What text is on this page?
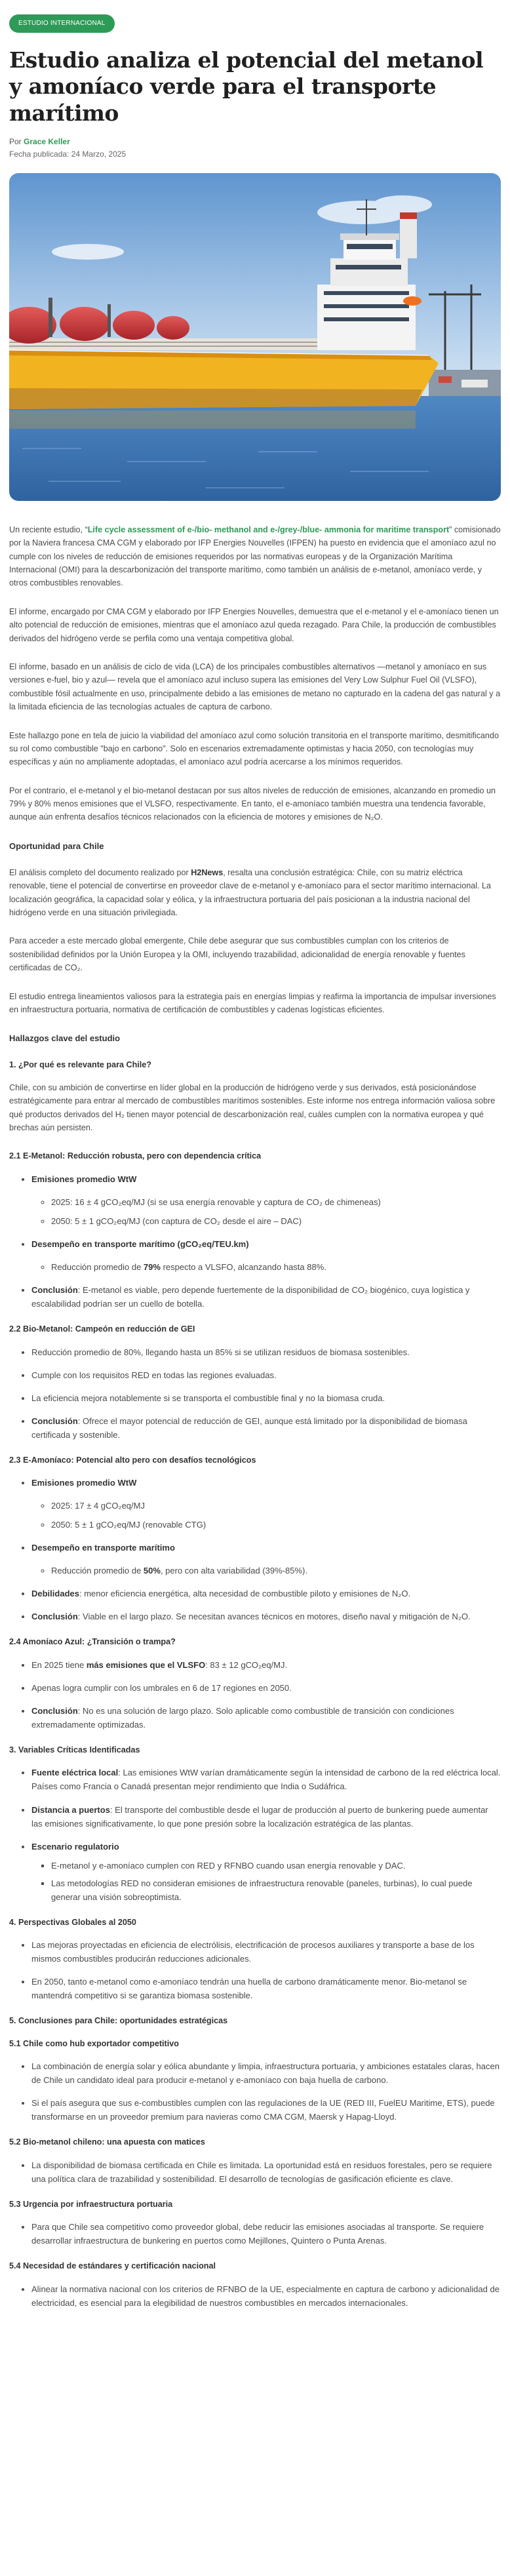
ESTUDIO INTERNACIONAL
Estudio analiza el potencial del metanol y amoníaco verde para el transporte marítimo
Por Grace Keller
Fecha publicada: 24 Marzo, 2025

Un reciente estudio, “Life cycle assessment of e-/bio- methanol and e-/grey-/blue- ammonia for maritime transport” comisionado por la Naviera francesa CMA CGM y elaborado por IFP Energies Nouvelles (IFPEN) ha puesto en evidencia que el amoníaco azul no cumple con los niveles de reducción de emisiones requeridos por las normativas europeas y de la Organización Marítima Internacional (OMI) para la descarbonización del transporte marítimo, como también un análisis de e-metanol, amoníaco verde, y otros combustibles renovables.

El informe, encargado por CMA CGM y elaborado por IFP Energies Nouvelles, demuestra que el e-metanol y el e-amoníaco tienen un alto potencial de reducción de emisiones, mientras que el amoníaco azul queda rezagado. Para Chile, la producción de combustibles derivados del hidrógeno verde se perfila como una ventaja competitiva global.

El informe, basado en un análisis de ciclo de vida (LCA) de los principales combustibles alternativos —metanol y amoníaco en sus versiones e-fuel, bio y azul— revela que el amoníaco azul incluso supera las emisiones del Very Low Sulphur Fuel Oil (VLSFO), combustible fósil actualmente en uso, principalmente debido a las emisiones de metano no capturado en la cadena del gas natural y a la limitada eficiencia de las tecnologías actuales de captura de carbono.

Este hallazgo pone en tela de juicio la viabilidad del amoníaco azul como solución transitoria en el transporte marítimo, desmitificando su rol como combustible "bajo en carbono". Solo en escenarios extremadamente optimistas y hacia 2050, con tecnologías muy específicas y aún no ampliamente adoptadas, el amoníaco azul podría acercarse a los mínimos requeridos.

Por el contrario, el e-metanol y el bio-metanol destacan por sus altos niveles de reducción de emisiones, alcanzando en promedio un 79% y 80% menos emisiones que el VLSFO, respectivamente. En tanto, el e-amoníaco también muestra una tendencia favorable, aunque aún enfrenta desafíos técnicos relacionados con la eficiencia de motores y emisiones de N₂O.

Oportunidad para Chile

El análisis completo del documento realizado por H2News, resalta una conclusión estratégica: Chile, con su matriz eléctrica renovable, tiene el potencial de convertirse en proveedor clave de e-metanol y e-amoníaco para el sector marítimo internacional. La localización geográfica, la capacidad solar y eólica, y la infraestructura portuaria del país posicionan a la industria nacional del hidrógeno verde en una situación privilegiada.

Para acceder a este mercado global emergente, Chile debe asegurar que sus combustibles cumplan con los criterios de sostenibilidad definidos por la Unión Europea y la OMI, incluyendo trazabilidad, adicionalidad de energía renovable y fuentes certificadas de CO₂.

El estudio entrega lineamientos valiosos para la estrategia país en energías limpias y reafirma la importancia de impulsar inversiones en infraestructura portuaria, normativa de certificación de combustibles y cadenas logísticas eficientes.

Hallazgos clave del estudio
1. ¿Por qué es relevante para Chile?

Chile, con su ambición de convertirse en líder global en la producción de hidrógeno verde y sus derivados, está posicionándose estratégicamente para entrar al mercado de combustibles marítimos sostenibles. Este informe nos entrega información valiosa sobre qué productos derivados del H₂ tienen mayor potencial de descarbonización real, cuáles cumplen con la normativa europea y qué brechas aún persisten.

2.1 E-Metanol: Reducción robusta, pero con dependencia crítica
• Emisiones promedio WtW
◦ 2025: 16 ± 4 gCO₂eq/MJ (si se usa energía renovable y captura de CO₂ de chimeneas)
◦ 2050: 5 ± 1 gCO₂eq/MJ (con captura de CO₂ desde el aire – DAC)
• Desempeño en transporte marítimo (gCO₂eq/TEU.km)
◦ Reducción promedio de 79% respecto a VLSFO, alcanzando hasta 88%.
• Conclusión: E-metanol es viable, pero depende fuertemente de la disponibilidad de CO₂ biogénico, cuya logística y escalabilidad podrían ser un cuello de botella.
2.2 Bio-Metanol: Campeón en reducción de GEI
• Reducción promedio de 80%, llegando hasta un 85% si se utilizan residuos de biomasa sostenibles.
• Cumple con los requisitos RED en todas las regiones evaluadas.
• La eficiencia mejora notablemente si se transporta el combustible final y no la biomasa cruda.
• Conclusión: Ofrece el mayor potencial de reducción de GEI, aunque está limitado por la disponibilidad de biomasa certificada y sostenible.
2.3 E-Amoníaco: Potencial alto pero con desafíos tecnológicos
• Emisiones promedio WtW
◦ 2025: 17 ± 4 gCO₂eq/MJ
◦ 2050: 5 ± 1 gCO₂eq/MJ (renovable CTG)
• Desempeño en transporte marítimo
◦ Reducción promedio de 50%, pero con alta variabilidad (39%-85%).
• Debilidades: menor eficiencia energética, alta necesidad de combustible piloto y emisiones de N₂O.
• Conclusión: Viable en el largo plazo. Se necesitan avances técnicos en motores, diseño naval y mitigación de N₂O.
2.4 Amoníaco Azul: ¿Transición o trampa?
• En 2025 tiene más emisiones que el VLSFO: 83 ± 12 gCO₂eq/MJ.
• Apenas logra cumplir con los umbrales en 6 de 17 regiones en 2050.
• Conclusión: No es una solución de largo plazo. Solo aplicable como combustible de transición con condiciones extremadamente optimizadas.
3. Variables Críticas Identificadas
• Fuente eléctrica local: Las emisiones WtW varían dramáticamente según la intensidad de carbono de la red eléctrica local.
Países como Francia o Canadá presentan mejor rendimiento que India o Sudáfrica.
• Distancia a puertos: El transporte del combustible desde el lugar de producción al puerto de bunkering puede aumentar las emisiones significativamente, lo que pone presión sobre la localización estratégica de las plantas.
• Escenario regulatorio
▪ E-metanol y e-amoníaco cumplen con RED y RFNBO cuando usan energía renovable y DAC.
▪ Las metodologías RED no consideran emisiones de infraestructura renovable (paneles, turbinas), lo cual puede generar una visión sobreoptimista.
4. Perspectivas Globales al 2050
• Las mejoras proyectadas en eficiencia de electrólisis, electrificación de procesos auxiliares y transporte a base de los mismos combustibles producirán reducciones adicionales.
• En 2050, tanto e-metanol como e-amoníaco tendrán una huella de carbono dramáticamente menor. Bio-metanol se mantendrá competitivo si se garantiza biomasa sostenible.
5. Conclusiones para Chile: oportunidades estratégicas
5.1 Chile como hub exportador competitivo
• La combinación de energía solar y eólica abundante y limpia, infraestructura portuaria, y ambiciones estatales claras, hacen de Chile un candidato ideal para producir e-metanol y e-amoníaco con baja huella de carbono.
• Si el país asegura que sus e-combustibles cumplen con las regulaciones de la UE (RED III, FuelEU Maritime, ETS), puede transformarse en un proveedor premium para navieras como CMA CGM, Maersk y Hapag-Lloyd.
5.2 Bio-metanol chileno: una apuesta con matices
• La disponibilidad de biomasa certificada en Chile es limitada. La oportunidad está en residuos forestales, pero se requiere una política clara de trazabilidad y sostenibilidad. El desarrollo de tecnologías de gasificación eficiente es clave.
5.3 Urgencia por infraestructura portuaria
• Para que Chile sea competitivo como proveedor global, debe reducir las emisiones asociadas al transporte. Se requiere desarrollar infraestructura de bunkering en puertos como Mejillones, Quintero o Punta Arenas.
5.4 Necesidad de estándares y certificación nacional
• Alinear la normativa nacional con los criterios de RFNBO de la UE, especialmente en captura de carbono y adicionalidad de electricidad, es esencial para la elegibilidad de nuestros combustibles en mercados internacionales.
